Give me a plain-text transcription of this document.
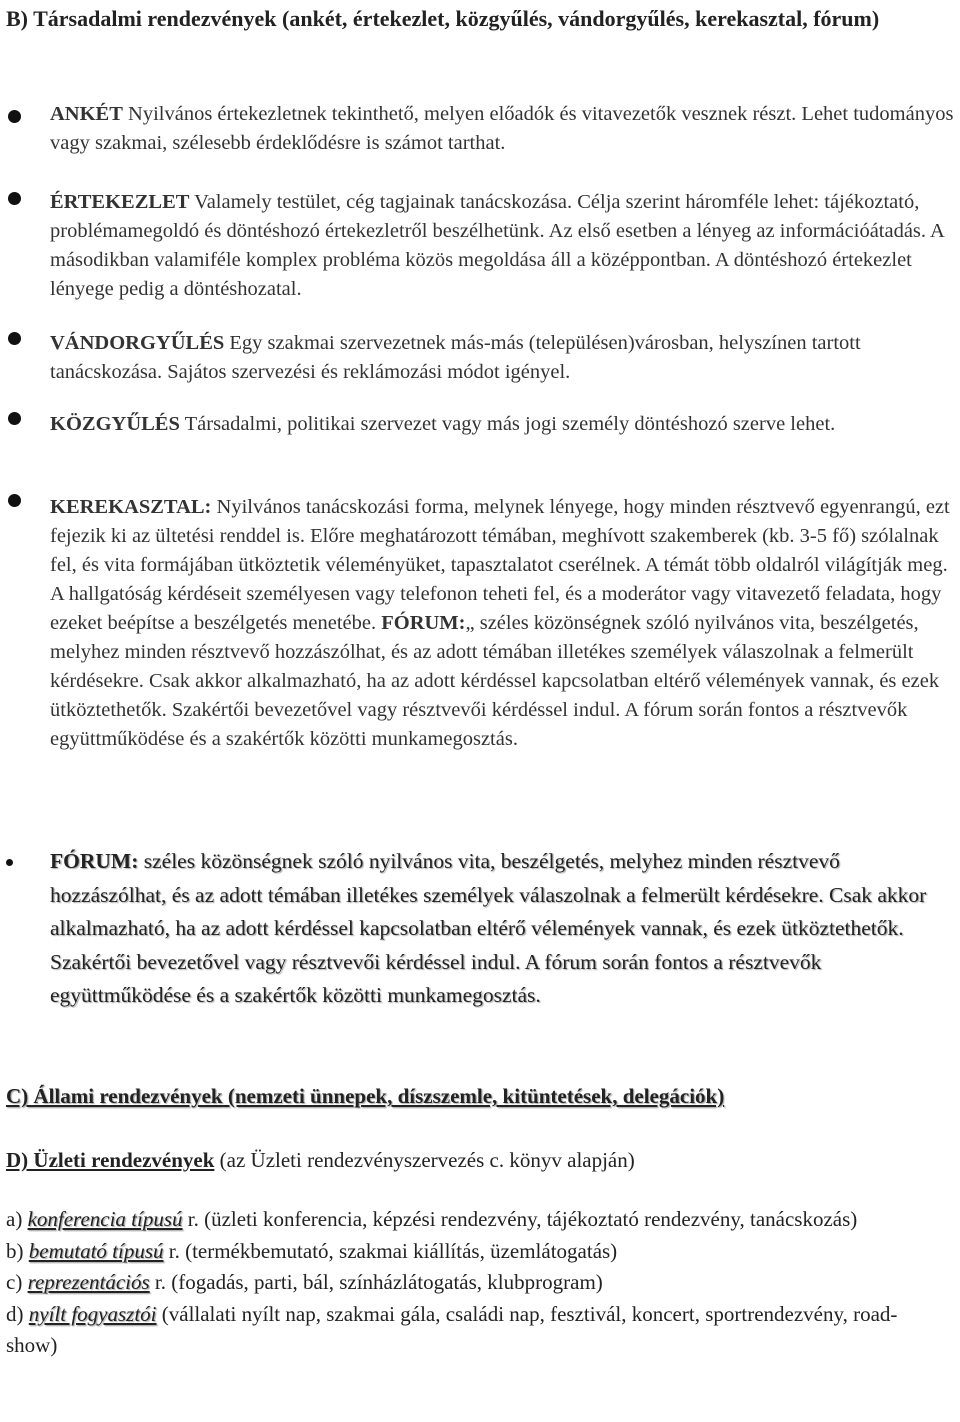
B) Társadalmi rendezvények (ankét, értekezlet, közgyűlés, vándorgyűlés, kerekasztal, fórum)
ANKÉT Nyilvános értekezletnek tekinthető, melyen előadók és vitavezetők vesznek részt. Lehet tudományos vagy szakmai, szélesebb érdeklődésre is számot tarthat.
ÉRTEKEZLET Valamely testület, cég tagjainak tanácskozása. Célja szerint háromféle lehet: tájékoztató, problémamegoldó és döntéshozó értekezletről beszélhetünk. Az első esetben a lényeg az információátadás. A másodikban valamiféle komplex probléma közös megoldása áll a középpontban. A döntéshozó értekezlet lényege pedig a döntéshozatal.
VÁNDORGYŰLÉS Egy szakmai szervezetnek más-más (településen)városban, helyszínen tartott tanácskozása. Sajátos szervezési és reklámozási módot igényel.
KÖZGYŰLÉS Társadalmi, politikai szervezet vagy más jogi személy döntéshozó szerve lehet.
KEREKASZTAL: Nyilvános tanácskozási forma, melynek lényege, hogy minden résztvevő egyenrangú, ezt fejezik ki az ültetési renddel is. Előre meghatározott témában, meghívott szakemberek (kb. 3-5 fő) szólalnak fel, és vita formájában ütköztetik véleményüket, tapasztalatot cserélnek. A témát több oldalról világítják meg. A hallgatóság kérdéseit személyesen vagy telefonon teheti fel, és a moderátor vagy vitavezető feladata, hogy ezeket beépítse a beszélgetés menetébe. FÓRUM:„ széles közönségnek szóló nyilvános vita, beszélgetés, melyhez minden résztvevő hozzászólhat, és az adott témában illetékes személyek válaszolnak a felmerült kérdésekre. Csak akkor alkalmazható, ha az adott kérdéssel kapcsolatban eltérő vélemények vannak, és ezek ütköztethetők. Szakértői bevezetővel vagy résztvevői kérdéssel indul. A fórum során fontos a résztvevők együttműködése és a szakértők közötti munkamegosztás.
FÓRUM: széles közönségnek szóló nyilvános vita, beszélgetés, melyhez minden résztvevő hozzászólhat, és az adott témában illetékes személyek válaszolnak a felmerült kérdésekre. Csak akkor alkalmazható, ha az adott kérdéssel kapcsolatban eltérő vélemények vannak, és ezek ütköztethetők. Szakértői bevezetővel vagy résztvevői kérdéssel indul. A fórum során fontos a résztvevők együttműködése és a szakértők közötti munkamegosztás.
C) Állami rendezvények (nemzeti ünnepek, díszszemle, kitüntetések, delegációk)
D) Üzleti rendezvények (az Üzleti rendezvényszervezés c. könyv alapján)
a) konferencia típusú r. (üzleti konferencia, képzési rendezvény, tájékoztató rendezvény, tanácskozás)
b) bemutató típusú r. (termékbemutató, szakmai kiállítás, üzemlátogatás)
c) reprezentációs r. (fogadás, parti, bál, színházlátogatás, klubprogram)
d) nyílt fogyasztói (vállalati nyílt nap, szakmai gála, családi nap, fesztivál, koncert, sportrendezvény, road-show)
